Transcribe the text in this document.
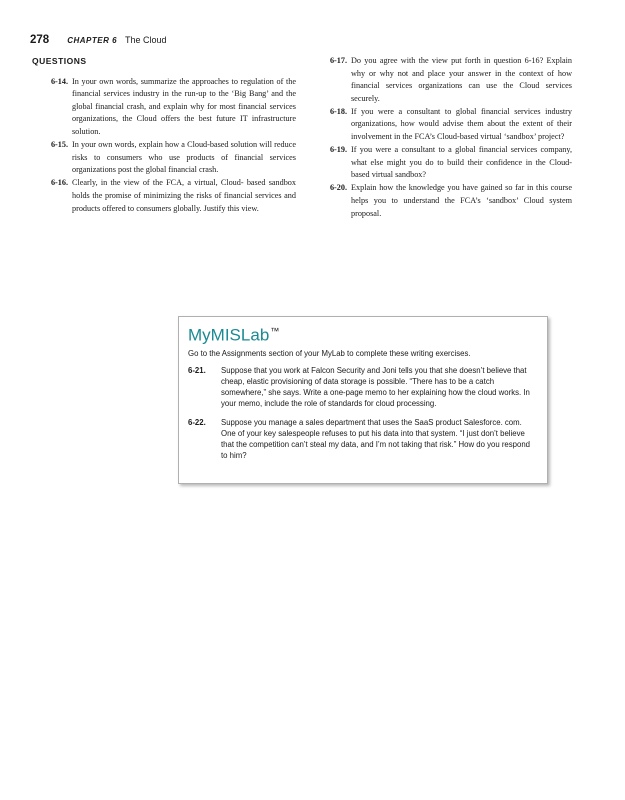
278 CHAPTER 6 The Cloud
QUESTIONS
6-14. In your own words, summarize the approaches to regulation of the financial services industry in the run-up to the ‘Big Bang’ and the global financial crash, and explain why for most financial services organizations, the Cloud offers the best future IT infrastructure solution.
6-15. In your own words, explain how a Cloud-based solution will reduce risks to consumers who use products of financial services organizations post the global financial crash.
6-16. Clearly, in the view of the FCA, a virtual, Cloud- based sandbox holds the promise of minimizing the risks of financial services and products offered to consumers globally. Justify this view.
6-17. Do you agree with the view put forth in question 6-16? Explain why or why not and place your answer in the context of how financial services organizations can use the Cloud services securely.
6-18. If you were a consultant to global financial services industry organizations, how would advise them about the extent of their involvement in the FCA’s Cloud-based virtual ‘sandbox’ project?
6-19. If you were a consultant to a global financial services company, what else might you do to build their confidence in the Cloud- based virtual sandbox?
6-20. Explain how the knowledge you have gained so far in this course helps you to understand the FCA’s ‘sandbox’ Cloud system proposal.
MyMISLab™
Go to the Assignments section of your MyLab to complete these writing exercises.
6-21.	Suppose that you work at Falcon Security and Joni tells you that she doesn’t believe that cheap, elastic provisioning of data storage is possible. “There has to be a catch somewhere,” she says. Write a one-page memo to her explaining how the cloud works. In your memo, include the role of standards for cloud processing.
6-22.	Suppose you manage a sales department that uses the SaaS product Salesforce. com. One of your key salespeople refuses to put his data into that system. “I just don’t believe that the competition can’t steal my data, and I’m not taking that risk.” How do you respond to him?
